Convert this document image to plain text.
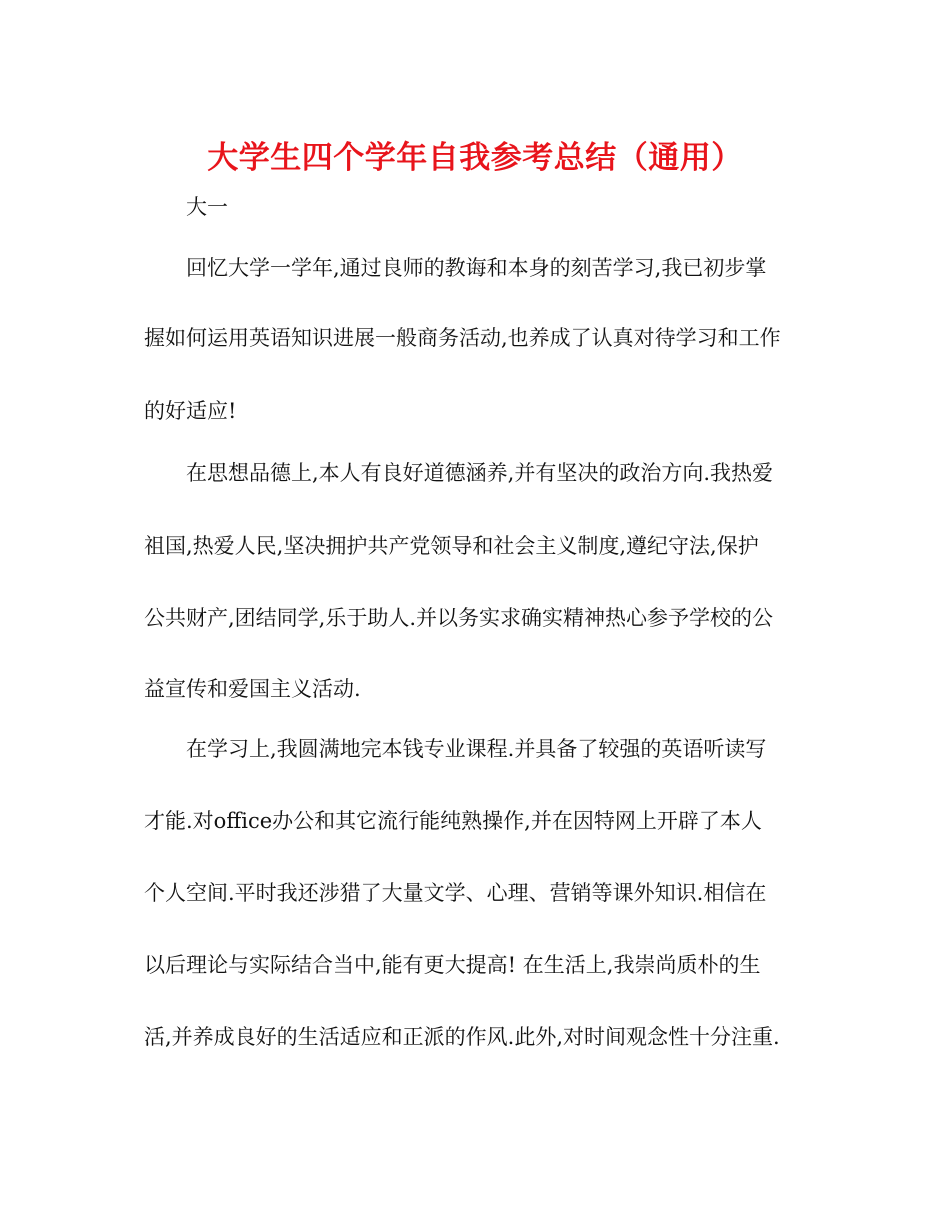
大学生四个学年自我参考总结（通用）
大一
回忆大学一学年,通过良师的教诲和本身的刻苦学习,我已初步掌
握如何运用英语知识进展一般商务活动,也养成了认真对待学习和工作
的好适应!
在思想品德上,本人有良好道德涵养,并有坚决的政治方向.我热爱
祖国,热爱人民,坚决拥护共产党领导和社会主义制度,遵纪守法,保护
公共财产,团结同学,乐于助人.并以务实求确实精神热心参予学校的公
益宣传和爱国主义活动.
在学习上,我圆满地完本钱专业课程.并具备了较强的英语听读写
才能.对office办公和其它流行能纯熟操作,并在因特网上开辟了本人
个人空间.平时我还涉猎了大量文学、心理、营销等课外知识.相信在
以后理论与实际结合当中,能有更大提高! 在生活上,我崇尚质朴的生
活,并养成良好的生活适应和正派的作风.此外,对时间观念性十分注重.
